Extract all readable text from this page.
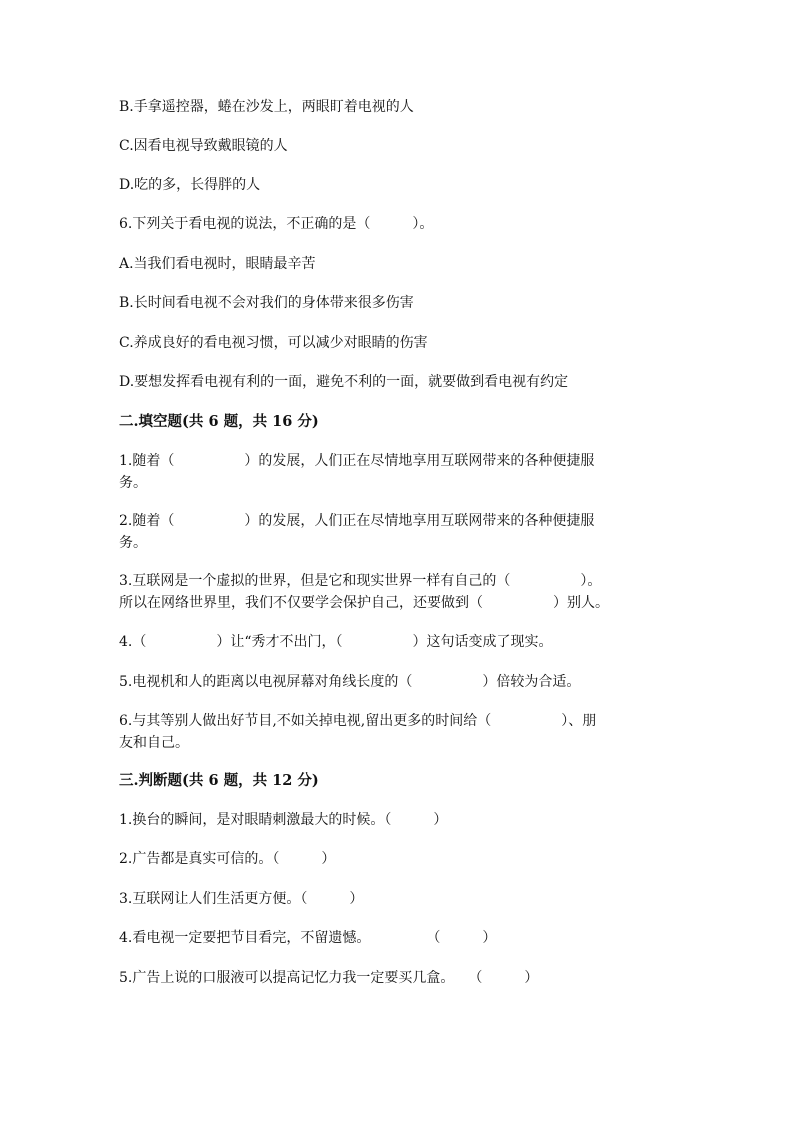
B.手拿遥控器，蜷在沙发上，两眼盯着电视的人

C.因看电视导致戴眼镜的人

D.吃的多，长得胖的人

6.下列关于看电视的说法，不正确的是（　　　）。

A.当我们看电视时，眼睛最辛苦

B.长时间看电视不会对我们的身体带来很多伤害

C.养成良好的看电视习惯，可以减少对眼睛的伤害

D.要想发挥看电视有利的一面，避免不利的一面，就要做到看电视有约定

二.填空题(共 6 题，共 16 分)

1.随着（　　　　　）的发展，人们正在尽情地享用互联网带来的各种便捷服

务。

2.随着（　　　　　）的发展，人们正在尽情地享用互联网带来的各种便捷服

务。

3.互联网是一个虚拟的世界，但是它和现实世界一样有自己的（　　　　　）。

所以在网络世界里，我们不仅要学会保护自己，还要做到（　　　　　）别人。

4.（　　　　　）让“秀才不出门，（　　　　　）这句话变成了现实。

5.电视机和人的距离以电视屏幕对角线长度的（　　　　　）倍较为合适。

6.与其等别人做出好节目,不如关掉电视,留出更多的时间给（　　　　　）、朋

友和自己。

三.判断题(共 6 题，共 12 分)

1.换台的瞬间，是对眼睛刺激最大的时候。（　　　）

2.广告都是真实可信的。（　　　）

3.互联网让人们生活更方便。（　　　）

4.看电视一定要把节目看完，不留遗憾。　　　　　（　　　）

5.广告上说的口服液可以提高记忆力我一定要买几盒。　　（　　　）
